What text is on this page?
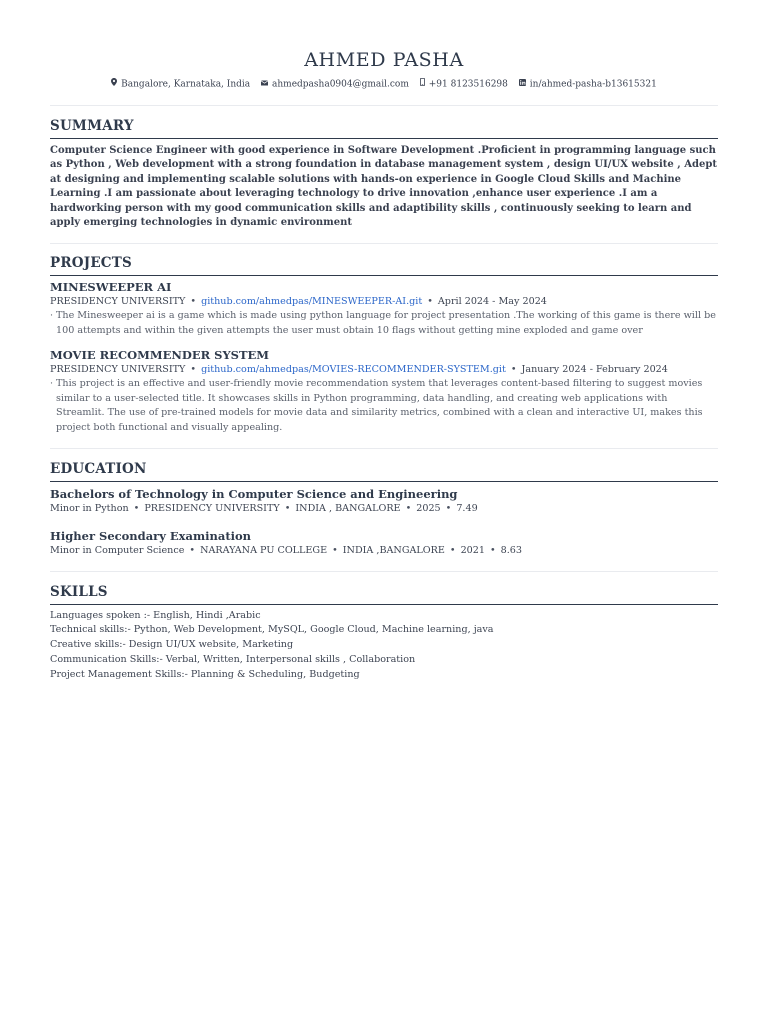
AHMED PASHA
Bangalore, Karnataka, India ahmedpasha0904@gmail.com +91 8123516298 in/ahmed-pasha-b13615321
SUMMARY
Computer Science Engineer with good experience in Software Development .Proficient in programming language such as Python , Web development with a strong foundation in database management system , design UI/UX website , Adept at designing and implementing scalable solutions with hands-on experience in Google Cloud Skills and Machine Learning .I am passionate about leveraging technology to drive innovation ,enhance user experience .I am a hardworking person with my good communication skills and adaptibility skills , continuously seeking to learn and apply emerging technologies in dynamic environment
PROJECTS
MINESWEEPER AI
PRESIDENCY UNIVERSITY • github.com/ahmedpas/MINESWEEPER-AI.git • April 2024 - May 2024
· The Minesweeper ai is a game which is made using python language for project presentation .The working of this game is there will be 100 attempts and within the given attempts the user must obtain 10 flags without getting mine exploded and game over
MOVIE RECOMMENDER SYSTEM
PRESIDENCY UNIVERSITY • github.com/ahmedpas/MOVIES-RECOMMENDER-SYSTEM.git • January 2024 - February 2024
· This project is an effective and user-friendly movie recommendation system that leverages content-based filtering to suggest movies similar to a user-selected title. It showcases skills in Python programming, data handling, and creating web applications with Streamlit. The use of pre-trained models for movie data and similarity metrics, combined with a clean and interactive UI, makes this project both functional and visually appealing.
EDUCATION
Bachelors of Technology in Computer Science and Engineering
Minor in Python • PRESIDENCY UNIVERSITY • INDIA , BANGALORE • 2025 • 7.49
Higher Secondary Examination
Minor in Computer Science • NARAYANA PU COLLEGE • INDIA ,BANGALORE • 2021 • 8.63
SKILLS
Languages spoken :- English, Hindi ,Arabic
Technical skills:- Python, Web Development, MySQL, Google Cloud, Machine learning, java
Creative skills:- Design UI/UX website, Marketing
Communication Skills:- Verbal, Written, Interpersonal skills , Collaboration
Project Management Skills:- Planning & Scheduling, Budgeting
